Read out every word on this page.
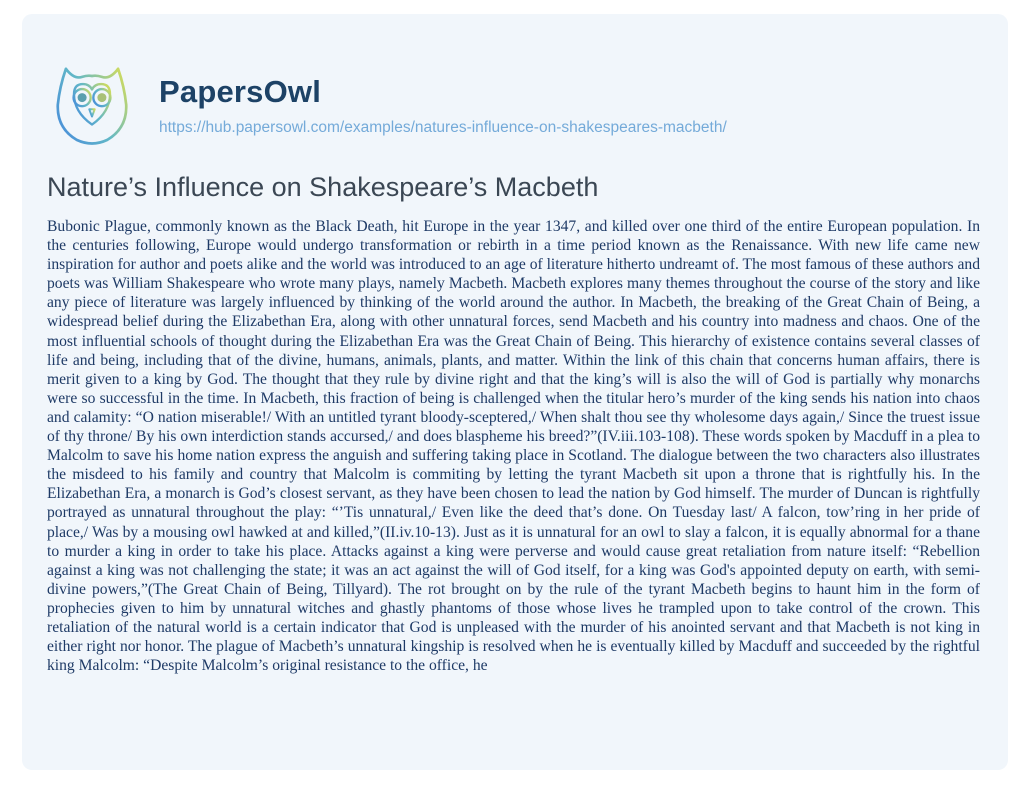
PapersOwl
https://hub.papersowl.com/examples/natures-influence-on-shakespeares-macbeth/
Nature’s Influence on Shakespeare’s Macbeth

Bubonic Plague, commonly known as the Black Death, hit Europe in the year 1347, and killed over one third of the entire European population. In the centuries following, Europe would undergo transformation or rebirth in a time period known as the Renaissance. With new life came new inspiration for author and poets alike and the world was introduced to an age of literature hitherto undreamt of. The most famous of these authors and poets was William Shakespeare who wrote many plays, namely Macbeth. Macbeth explores many themes throughout the course of the story and like any piece of literature was largely influenced by thinking of the world around the author. In Macbeth, the breaking of the Great Chain of Being, a widespread belief during the Elizabethan Era, along with other unnatural forces, send Macbeth and his country into madness and chaos. One of the most influential schools of thought during the Elizabethan Era was the Great Chain of Being. This hierarchy of existence contains several classes of life and being, including that of the divine, humans, animals, plants, and matter. Within the link of this chain that concerns human affairs, there is merit given to a king by God. The thought that they rule by divine right and that the king’s will is also the will of God is partially why monarchs were so successful in the time. In Macbeth, this fraction of being is challenged when the titular hero’s murder of the king sends his nation into chaos and calamity: “O nation miserable!/ With an untitled tyrant bloody-sceptered,/ When shalt thou see thy wholesome days again,/ Since the truest issue of thy throne/ By his own interdiction stands accursed,/ and does blaspheme his breed?”(IV.iii.103-108). These words spoken by Macduff in a plea to Malcolm to save his home nation express the anguish and suffering taking place in Scotland. The dialogue between the two characters also illustrates the misdeed to his family and country that Malcolm is commiting by letting the tyrant Macbeth sit upon a throne that is rightfully his. In the Elizabethan Era, a monarch is God’s closest servant, as they have been chosen to lead the nation by God himself. The murder of Duncan is rightfully portrayed as unnatural throughout the play: “’Tis unnatural,/ Even like the deed that’s done. On Tuesday last/ A falcon, tow’ring in her pride of place,/ Was by a mousing owl hawked at and killed,”(II.iv.10-13). Just as it is unnatural for an owl to slay a falcon, it is equally abnormal for a thane to murder a king in order to take his place. Attacks against a king were perverse and would cause great retaliation from nature itself: “Rebellion against a king was not challenging the state; it was an act against the will of God itself, for a king was God's appointed deputy on earth, with semi-divine powers,”(The Great Chain of Being, Tillyard). The rot brought on by the rule of the tyrant Macbeth begins to haunt him in the form of prophecies given to him by unnatural witches and ghastly phantoms of those whose lives he trampled upon to take control of the crown. This retaliation of the natural world is a certain indicator that God is unpleased with the murder of his anointed servant and that Macbeth is not king in either right nor honor. The plague of Macbeth’s unnatural kingship is resolved when he is eventually killed by Macduff and succeeded by the rightful king Malcolm: “Despite Malcolm’s original resistance to the office, he
